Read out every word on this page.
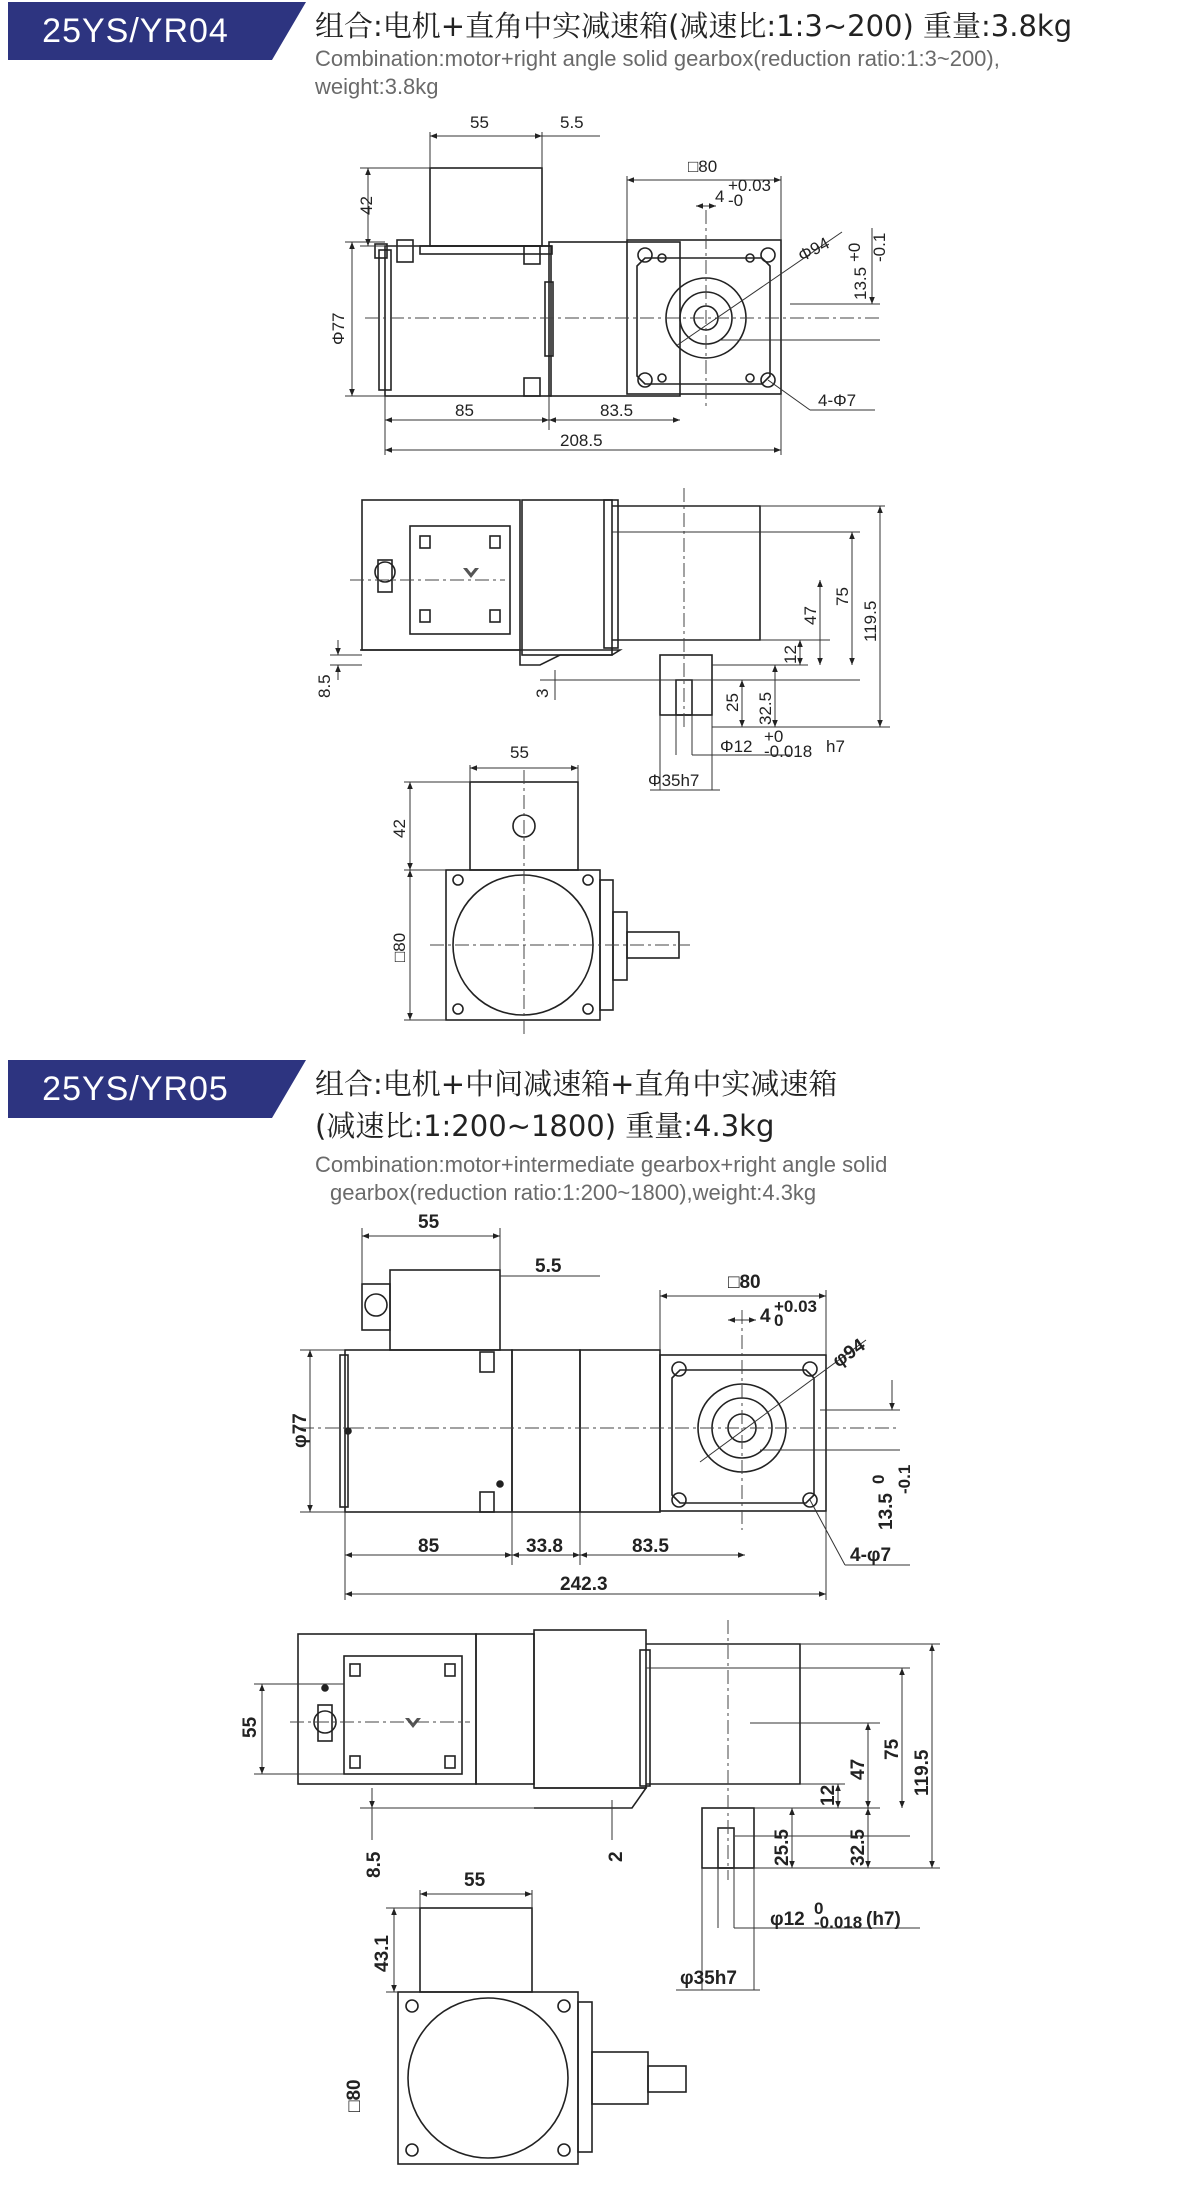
25YS/YR04	组合:电机+直角中实减速箱(减速比:1:3~200) 重量:3.8kg
Combination:motor+right angle solid gearbox(reduction ratio:1:3~200),
weight:3.8kg
25YS/YR05	组合:电机+中间减速箱+直角中实减速箱
(减速比:1:200~1800) 重量:4.3kg
Combination:motor+intermediate gearbox+right angle solid
gearbox(reduction ratio:1:200~1800),weight:4.3kg
55	5.5
42
□80
4
+0.03
-0
Φ94
13.5
+0 -0.1
Φ77
85	83.5
4-Φ7
208.5
8.5	3
12
47
75
119.5
25 32.5
Φ12
+0
-0.018 h7
Φ35h7
55
42
□80
55
5.5
□80
4 +0.03
0
φ94
φ77
13.5
0 -0.1
85	33.8	83.5	4-φ7
242.3
55
8.5	2
12
47
75
119.5
25.5	32.5
φ12
0
-0.018 (h7)
φ35h7
55
43.1
□80
